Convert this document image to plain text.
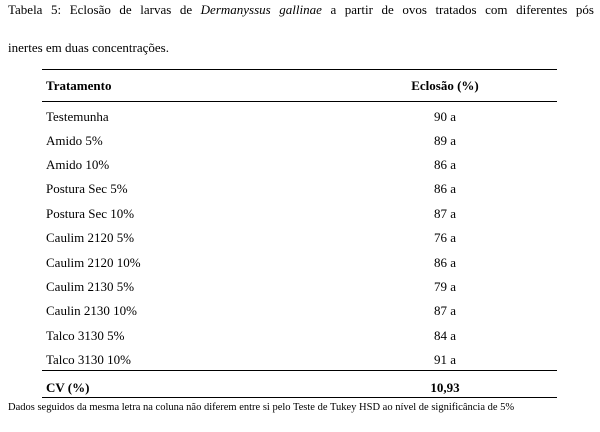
Tabela 5: Eclosão de larvas de Dermanyssus gallinae a partir de ovos tratados com diferentes pós
inertes em duas concentrações.
Tratamento	Eclosão (%)
Testemunha	90 a
Amido 5%	89 a
Amido 10%	86 a
Postura Sec 5%	86 a
Postura Sec 10%	87 a
Caulim 2120 5%	76 a
Caulim 2120 10%	86 a
Caulim 2130 5%	79 a
Caulin 2130 10%	87 a
Talco 3130 5%	84 a
Talco 3130 10%	91 a
CV (%)	10,93
Dados seguidos da mesma letra na coluna não diferem entre si pelo Teste de Tukey HSD ao nível de significância de 5%
